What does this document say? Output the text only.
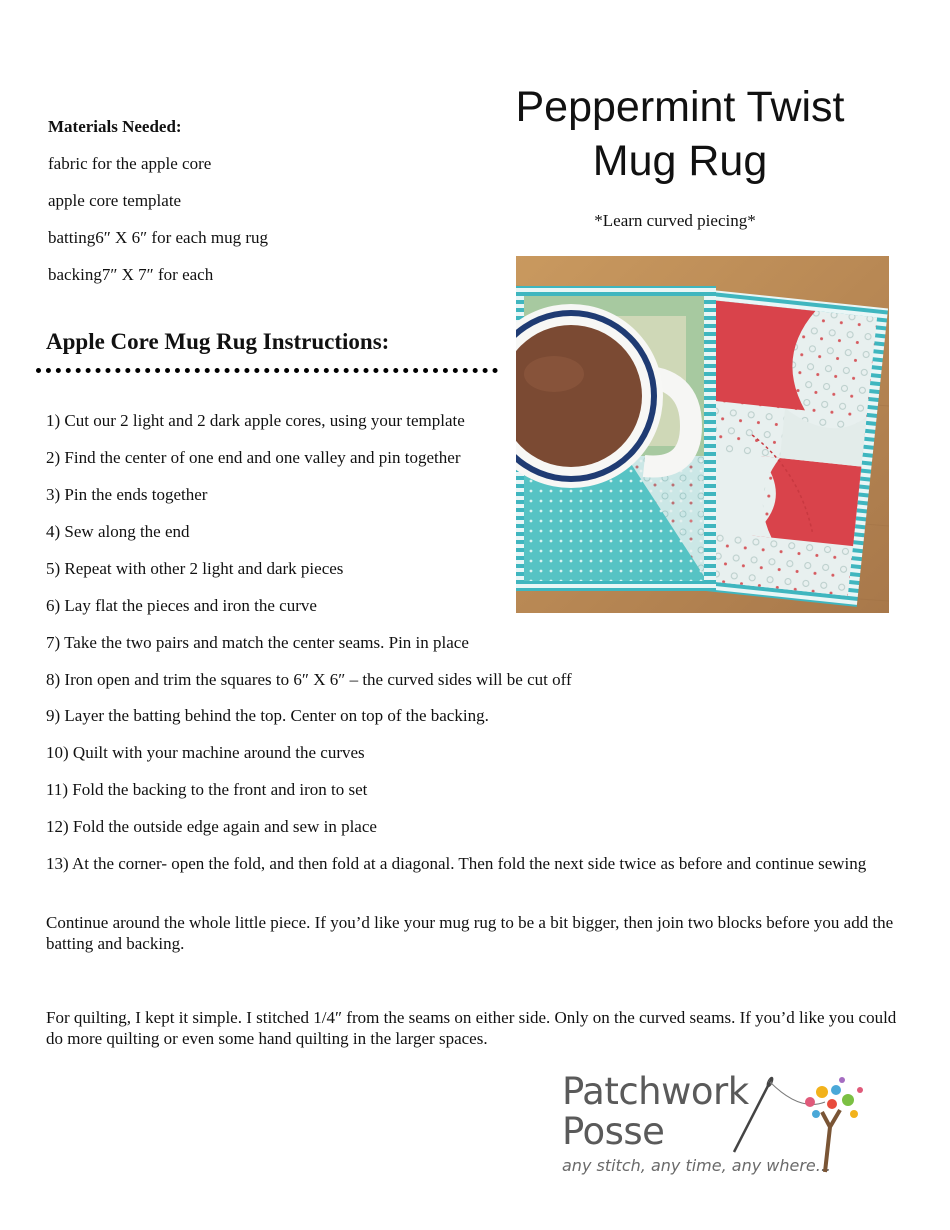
Peppermint Twist
Mug Rug
*Learn curved piecing*
Materials Needed:
fabric for the apple core
apple core template
batting6″ X 6″ for each mug rug
backing7″ X 7″ for each
Apple Core Mug Rug Instructions:
1) Cut our 2 light and 2 dark apple cores, using your template
2) Find the center of one end and one valley and pin together
3) Pin the ends together
4) Sew along the end
5) Repeat with other 2 light and dark pieces
6) Lay flat the pieces and iron the curve
7) Take the two pairs and match the center seams. Pin in place
8) Iron open and trim the squares to 6″ X 6″ – the curved sides will be cut off
9) Layer the batting behind the top. Center on top of the backing.
10) Quilt with your machine around the curves
11) Fold the backing to the front and iron to set
12) Fold the outside edge again and sew in place
13) At the corner- open the fold, and then fold at a diagonal. Then fold the next side twice as before and continue sewing
Continue around the whole little piece. If you’d like your mug rug to be a bit bigger, then join two blocks before you add the batting and backing.
For quilting, I kept it simple. I stitched 1/4″ from the seams on either side. Only on the curved seams. If you’d like you could do more quilting or even some hand quilting in the larger spaces.
Patchwork
Posse
any stitch, any time, any where...
